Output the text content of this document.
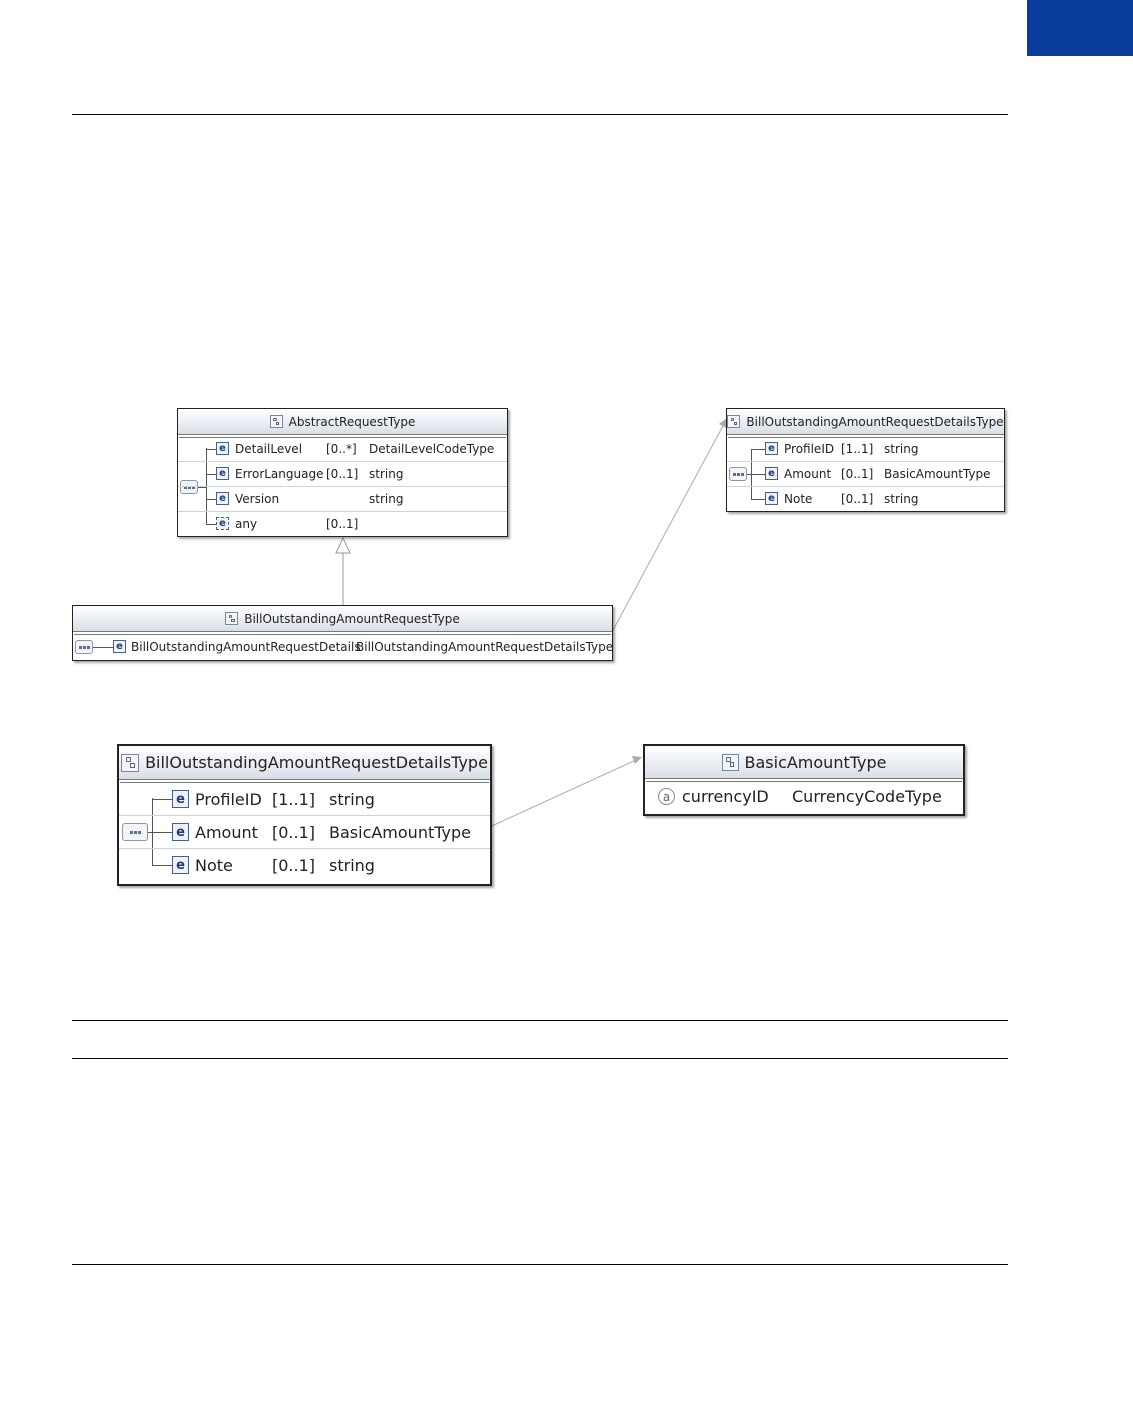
AbstractRequestType
e DetailLevel [0..*] DetailLevelCodeType
e ErrorLanguage [0..1] string
e Version	string
e any	[0..1]
BillOutstandingAmountRequestType
e BillOutstandingAmountRequestDetails
BillOutstandingAmountRequestDetailsType
BillOutstandingAmountRequestDetailsType
e ProfileID [1..1] string
e Amount [0..1] BasicAmountType
e Note [0..1] string
BillOutstandingAmountRequestDetailsType
e ProfileID [1..1] string
e Amount [0..1] BasicAmountType
e Note [0..1] string
BasicAmountType
a currencyID CurrencyCodeType
